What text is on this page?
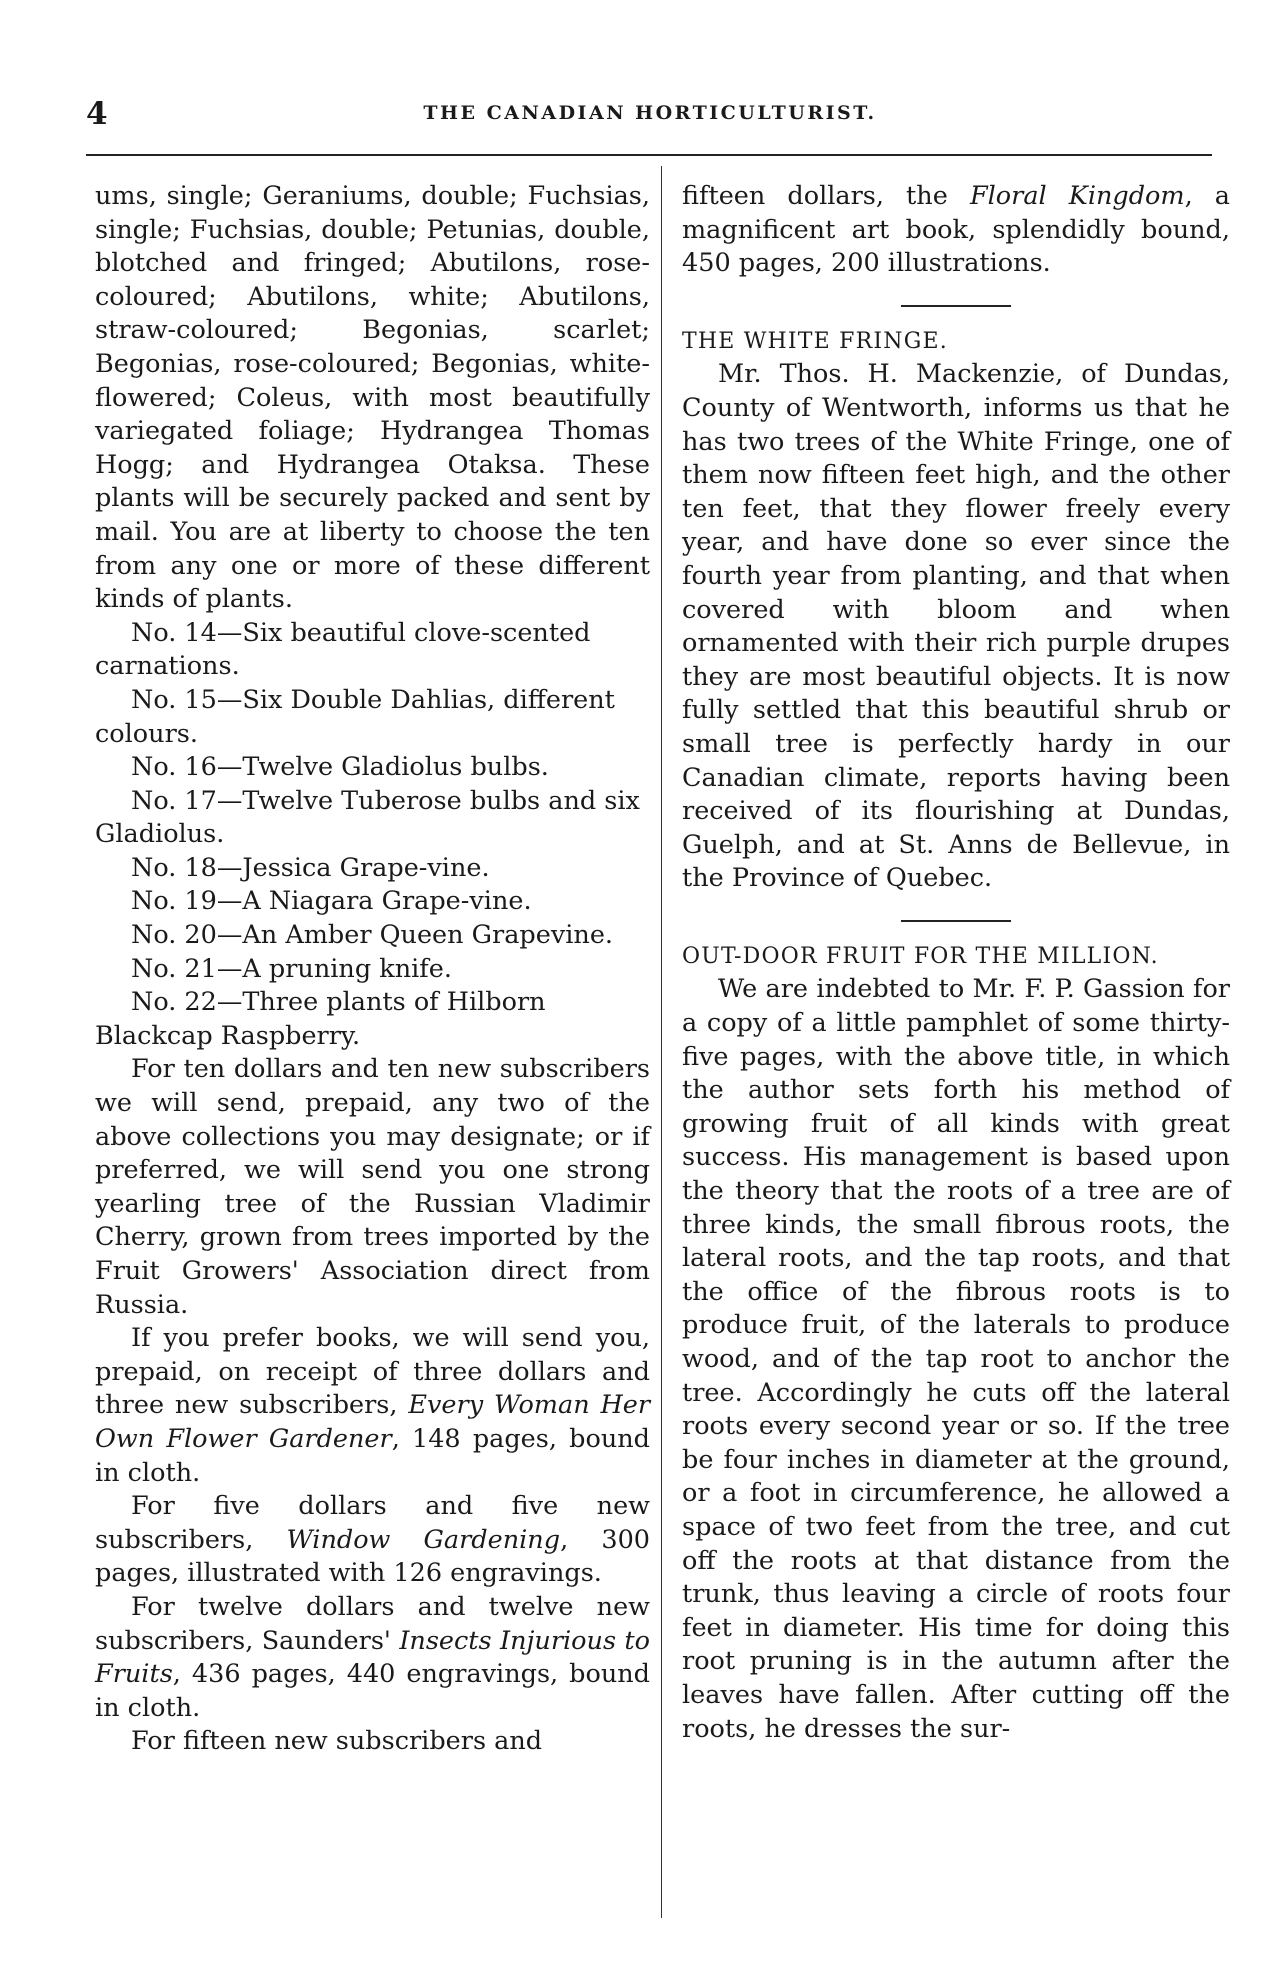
4	THE CANADIAN HORTICULTURIST.

ums, single; Geraniums, double; Fuchsias, single; Fuchsias, double; Petunias, double, blotched and fringed; Abutilons, rose-coloured; Abutilons, white; Abutilons, straw-coloured; Begonias, scarlet; Begonias, rose-coloured; Begonias, white-flowered; Coleus, with most beautifully variegated foliage; Hydrangea Thomas Hogg; and Hydrangea Otaksa. These plants will be securely packed and sent by mail. You are at liberty to choose the ten from any one or more of these different kinds of plants.

No. 14—Six beautiful clove-scented carnations.

No. 15—Six Double Dahlias, different colours.

No. 16—Twelve Gladiolus bulbs.

No. 17—Twelve Tuberose bulbs and six Gladiolus.

No. 18—Jessica Grape-vine.

No. 19—A Niagara Grape-vine.

No. 20—An Amber Queen Grapevine.

No. 21—A pruning knife.

No. 22—Three plants of Hilborn Blackcap Raspberry.

For ten dollars and ten new subscribers we will send, prepaid, any two of the above collections you may designate; or if preferred, we will send you one strong yearling tree of the Russian Vladimir Cherry, grown from trees imported by the Fruit Growers' Association direct from Russia.

If you prefer books, we will send you, prepaid, on receipt of three dollars and three new subscribers, Every Woman Her Own Flower Gardener, 148 pages, bound in cloth.

For five dollars and five new subscribers, Window Gardening, 300 pages, illustrated with 126 engravings.

For twelve dollars and twelve new subscribers, Saunders' Insects Injurious to Fruits, 436 pages, 440 engravings, bound in cloth.

For fifteen new subscribers and

fifteen dollars, the Floral Kingdom, a magnificent art book, splendidly bound, 450 pages, 200 illustrations.

THE WHITE FRINGE.

Mr. Thos. H. Mackenzie, of Dundas, County of Wentworth, informs us that he has two trees of the White Fringe, one of them now fifteen feet high, and the other ten feet, that they flower freely every year, and have done so ever since the fourth year from planting, and that when covered with bloom and when ornamented with their rich purple drupes they are most beautiful objects. It is now fully settled that this beautiful shrub or small tree is perfectly hardy in our Canadian climate, reports having been received of its flourishing at Dundas, Guelph, and at St. Anns de Bellevue, in the Province of Quebec.

OUT-DOOR FRUIT FOR THE MILLION.

We are indebted to Mr. F. P. Gassion for a copy of a little pamphlet of some thirty-five pages, with the above title, in which the author sets forth his method of growing fruit of all kinds with great success. His management is based upon the theory that the roots of a tree are of three kinds, the small fibrous roots, the lateral roots, and the tap roots, and that the office of the fibrous roots is to produce fruit, of the laterals to produce wood, and of the tap root to anchor the tree. Accordingly he cuts off the lateral roots every second year or so. If the tree be four inches in diameter at the ground, or a foot in circumference, he allowed a space of two feet from the tree, and cut off the roots at that distance from the trunk, thus leaving a circle of roots four feet in diameter. His time for doing this root pruning is in the autumn after the leaves have fallen. After cutting off the roots, he dresses the sur-
